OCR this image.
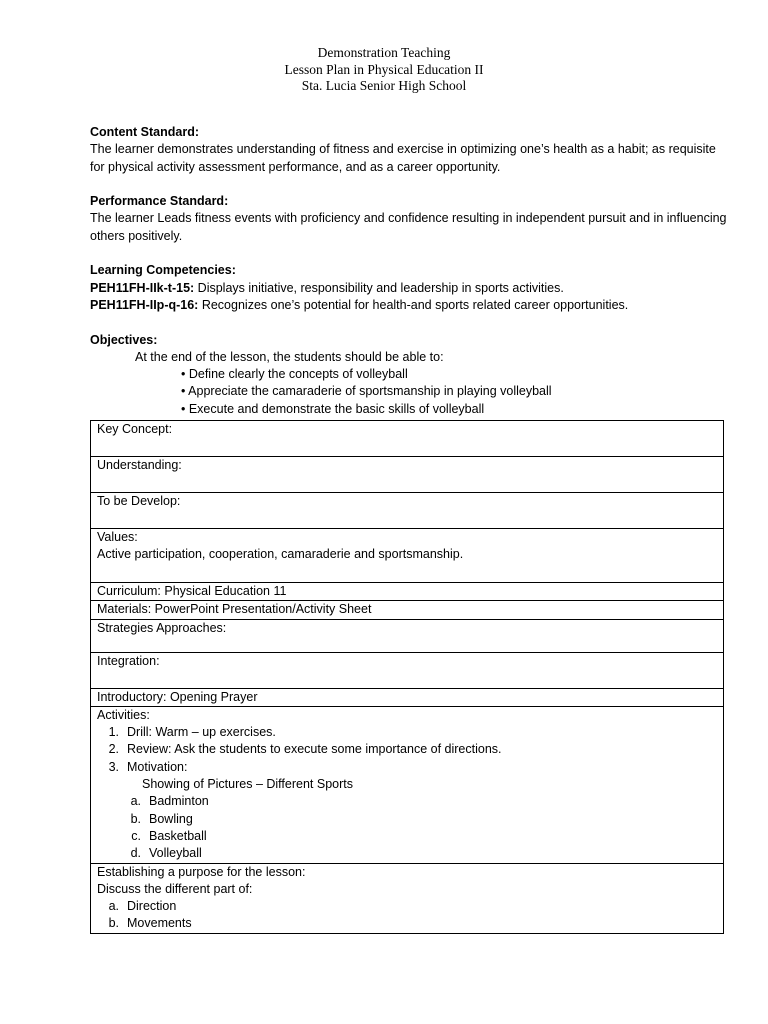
Demonstration Teaching
Lesson Plan in Physical Education II
Sta. Lucia Senior High School
Content Standard:
The learner demonstrates understanding of fitness and exercise in optimizing one’s health as a habit; as requisite for physical activity assessment performance, and as a career opportunity.
Performance Standard:
The learner Leads fitness events with proficiency and confidence resulting in independent pursuit and in influencing others positively.
Learning Competencies:
PEH11FH-IIk-t-15: Displays initiative, responsibility and leadership in sports activities.
PEH11FH-IIp-q-16: Recognizes one’s potential for health-and sports related career opportunities.
Objectives:
At the end of the lesson, the students should be able to:
• Define clearly the concepts of volleyball
• Appreciate the camaraderie of sportsmanship in playing volleyball
• Execute and demonstrate the basic skills of volleyball
Key Concept:
Understanding:
To be Develop:

Values:
Active participation, cooperation, camaraderie and sportsmanship.

Curriculum: Physical Education 11
Materials: PowerPoint Presentation/Activity Sheet
Strategies Approaches:
Integration:
Introductory: Opening Prayer

Activities:
1. Drill: Warm – up exercises.
2. Review: Ask the students to execute some importance of directions.
3. Motivation:
Showing of Pictures – Different Sports
a. Badminton
b. Bowling
c. Basketball
d. Volleyball

Establishing a purpose for the lesson:
Discuss the different part of:
a. Direction
b. Movements
